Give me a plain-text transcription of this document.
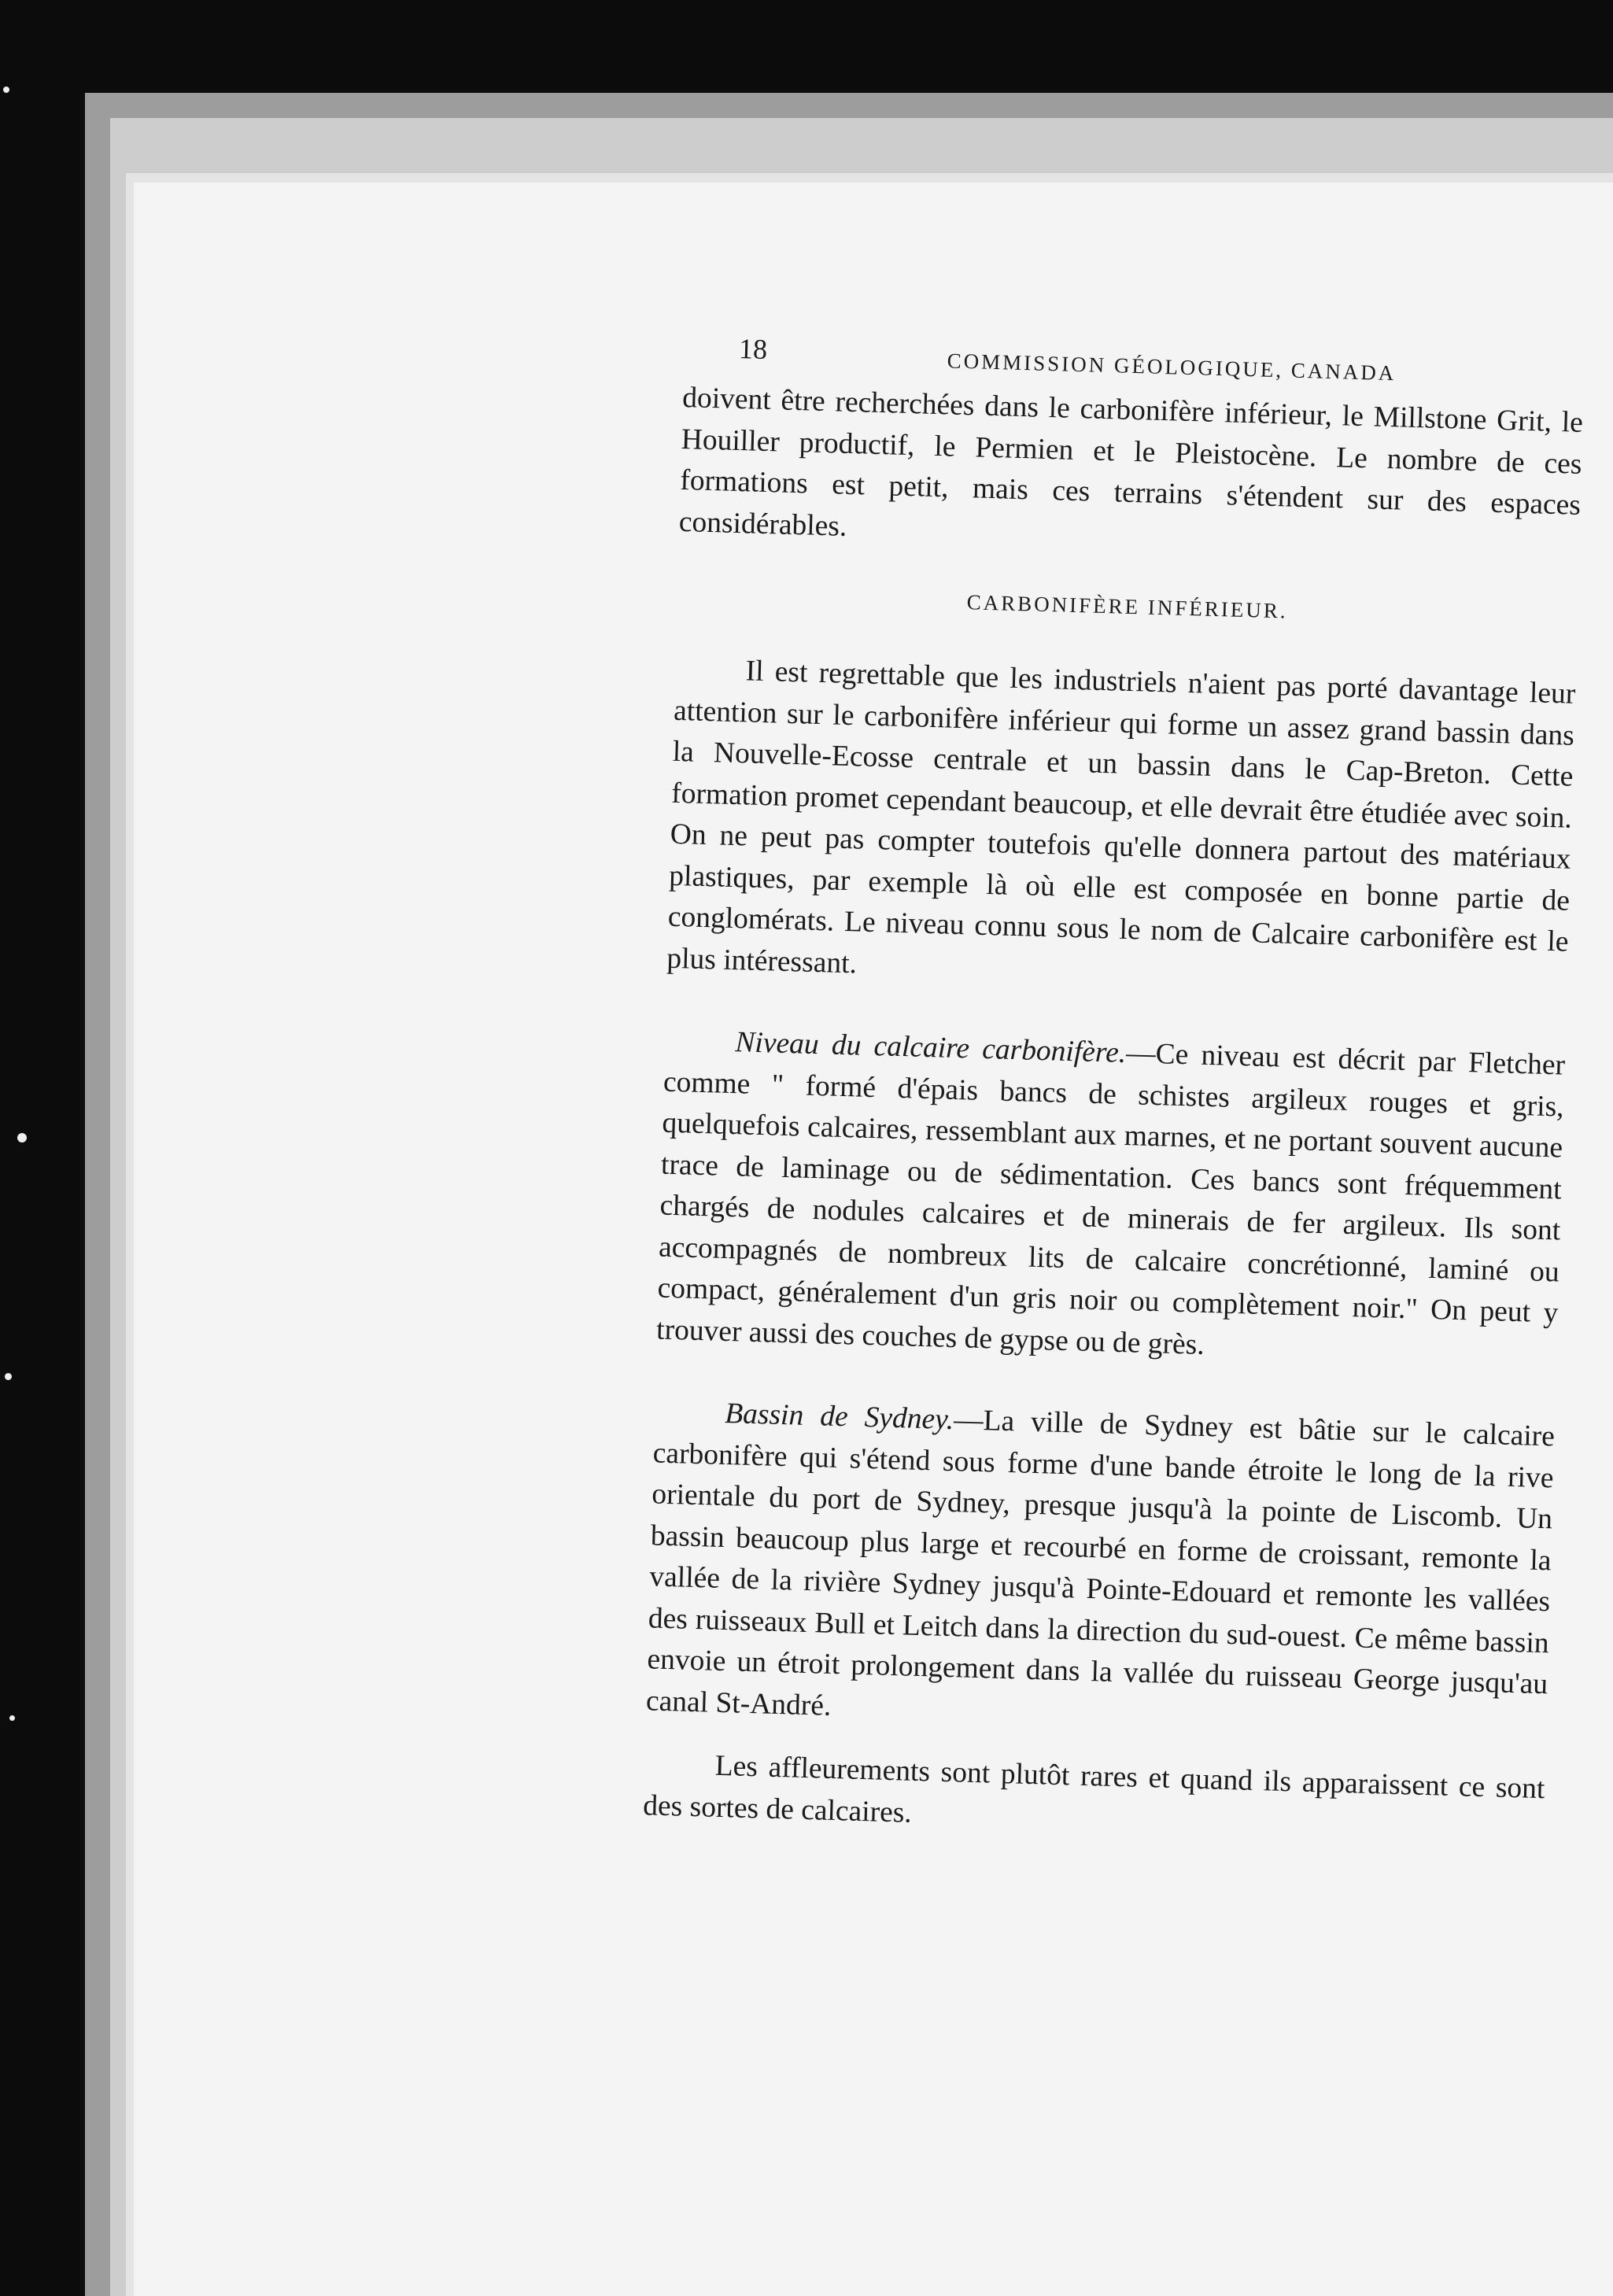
18	COMMISSION GÉOLOGIQUE, CANADA

doivent être recherchées dans le carbonifère inférieur, le Millstone Grit, le Houiller productif, le Permien et le Pleistocène. Le nombre de ces formations est petit, mais ces terrains s'étendent sur des espaces considérables.

CARBONIFÈRE INFÉRIEUR.

Il est regrettable que les industriels n'aient pas porté davantage leur attention sur le carbonifère inférieur qui forme un assez grand bassin dans la Nouvelle-Ecosse centrale et un bassin dans le Cap-Breton. Cette formation promet cependant beaucoup, et elle devrait être étudiée avec soin. On ne peut pas compter toutefois qu'elle donnera partout des matériaux plastiques, par exemple là où elle est composée en bonne partie de conglomérats. Le niveau connu sous le nom de Calcaire carbonifère est le plus intéressant.

Niveau du calcaire carbonifère.—Ce niveau est décrit par Fletcher comme " formé d'épais bancs de schistes argileux rouges et gris, quelquefois calcaires, ressemblant aux marnes, et ne portant souvent aucune trace de laminage ou de sédimentation. Ces bancs sont fréquemment chargés de nodules calcaires et de minerais de fer argileux. Ils sont accompagnés de nombreux lits de calcaire concrétionné, laminé ou compact, généralement d'un gris noir ou complètement noir." On peut y trouver aussi des couches de gypse ou de grès.

Bassin de Sydney.—La ville de Sydney est bâtie sur le calcaire carbonifère qui s'étend sous forme d'une bande étroite le long de la rive orientale du port de Sydney, presque jusqu'à la pointe de Liscomb. Un bassin beaucoup plus large et recourbé en forme de croissant, remonte la vallée de la rivière Sydney jusqu'à Pointe-Edouard et remonte les vallées des ruisseaux Bull et Leitch dans la direction du sud-ouest. Ce même bassin envoie un étroit prolongement dans la vallée du ruisseau George jusqu'au canal St-André.

Les affleurements sont plutôt rares et quand ils apparaissent ce sont des sortes de calcaires.
